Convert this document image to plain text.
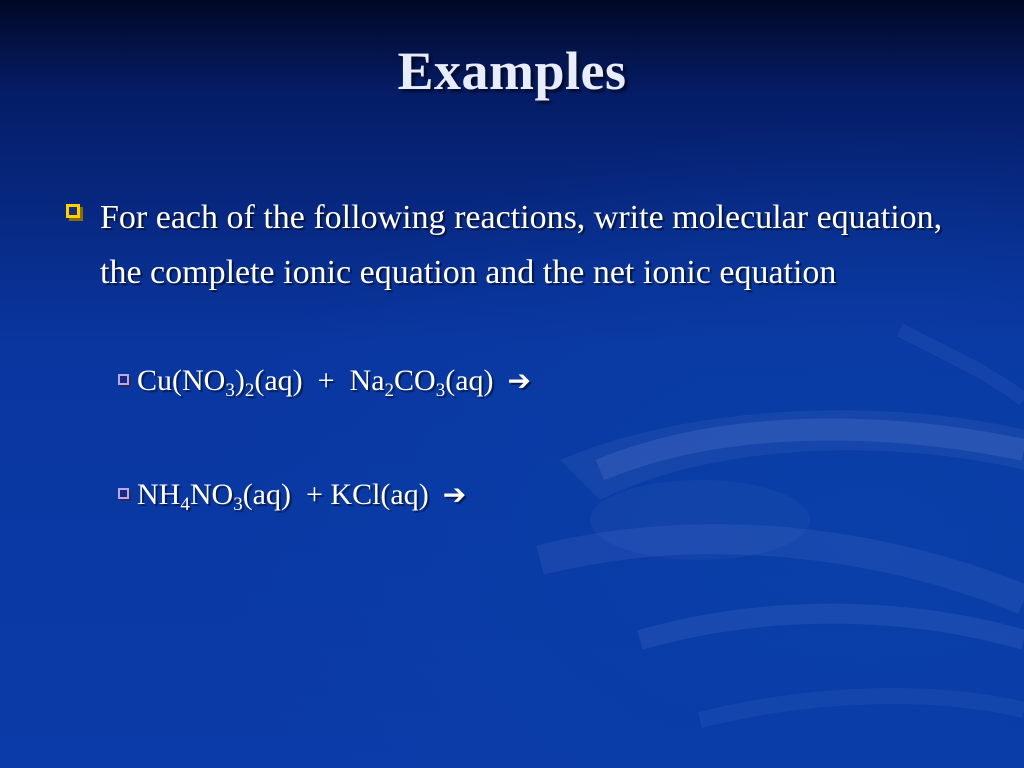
Examples
For each of the following reactions, write molecular equation, the complete ionic equation and the net ionic equation
$Cu(NO_3)_2(aq) + Na_2CO_3(aq)$ ➔
$NH_4NO_3(aq) + KCl(aq)$ ➔
